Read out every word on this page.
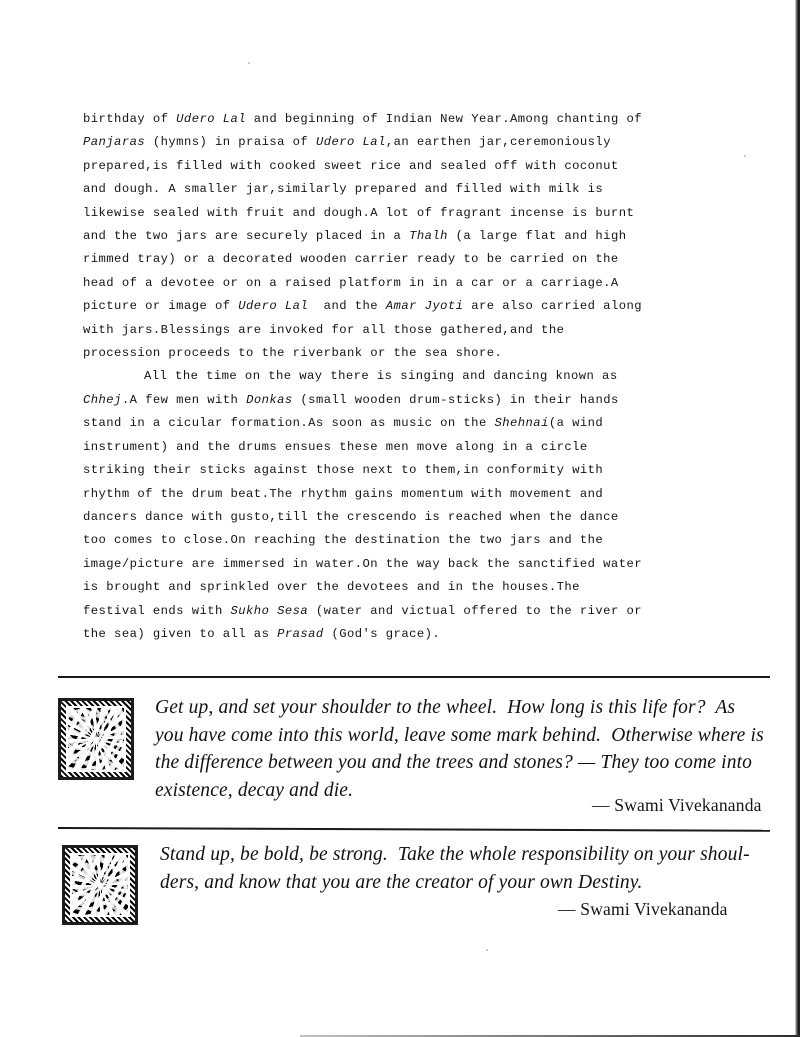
birthday of Udero Lal and beginning of Indian New Year.Among chanting of
Panjaras (hymns) in praisa of Udero Lal,an earthen jar,ceremoniously
prepared,is filled with cooked sweet rice and sealed off with coconut
and dough. A smaller jar,similarly prepared and filled with milk is
likewise sealed with fruit and dough.A lot of fragrant incense is burnt
and the two jars are securely placed in a Thalh (a large flat and high
rimmed tray) or a decorated wooden carrier ready to be carried on the
head of a devotee or on a raised platform in in a car or a carriage.A
picture or image of Udero Lal  and the Amar Jyoti are also carried along
with jars.Blessings are invoked for all those gathered,and the
procession proceeds to the riverbank or the sea shore.
All the time on the way there is singing and dancing known as
Chhej.A few men with Donkas (small wooden drum-sticks) in their hands
stand in a cicular formation.As soon as music on the Shehnai(a wind
instrument) and the drums ensues these men move along in a circle
striking their sticks against those next to them,in conformity with
rhythm of the drum beat.The rhythm gains momentum with movement and
dancers dance with gusto,till the crescendo is reached when the dance
too comes to close.On reaching the destination the two jars and the
image/picture are immersed in water.On the way back the sanctified water
is brought and sprinkled over the devotees and in the houses.The
festival ends with Sukho Sesa (water and victual offered to the river or
the sea) given to all as Prasad (God's grace).
Get up, and set your shoulder to the wheel.  How long is this life for?  As
you have come into this world, leave some mark behind.  Otherwise where is
the difference between you and the trees and stones? — They too come into
existence, decay and die.
— Swami Vivekananda
Stand up, be bold, be strong.  Take the whole responsibility on your shoul-
ders, and know that you are the creator of your own Destiny.
— Swami Vivekananda
